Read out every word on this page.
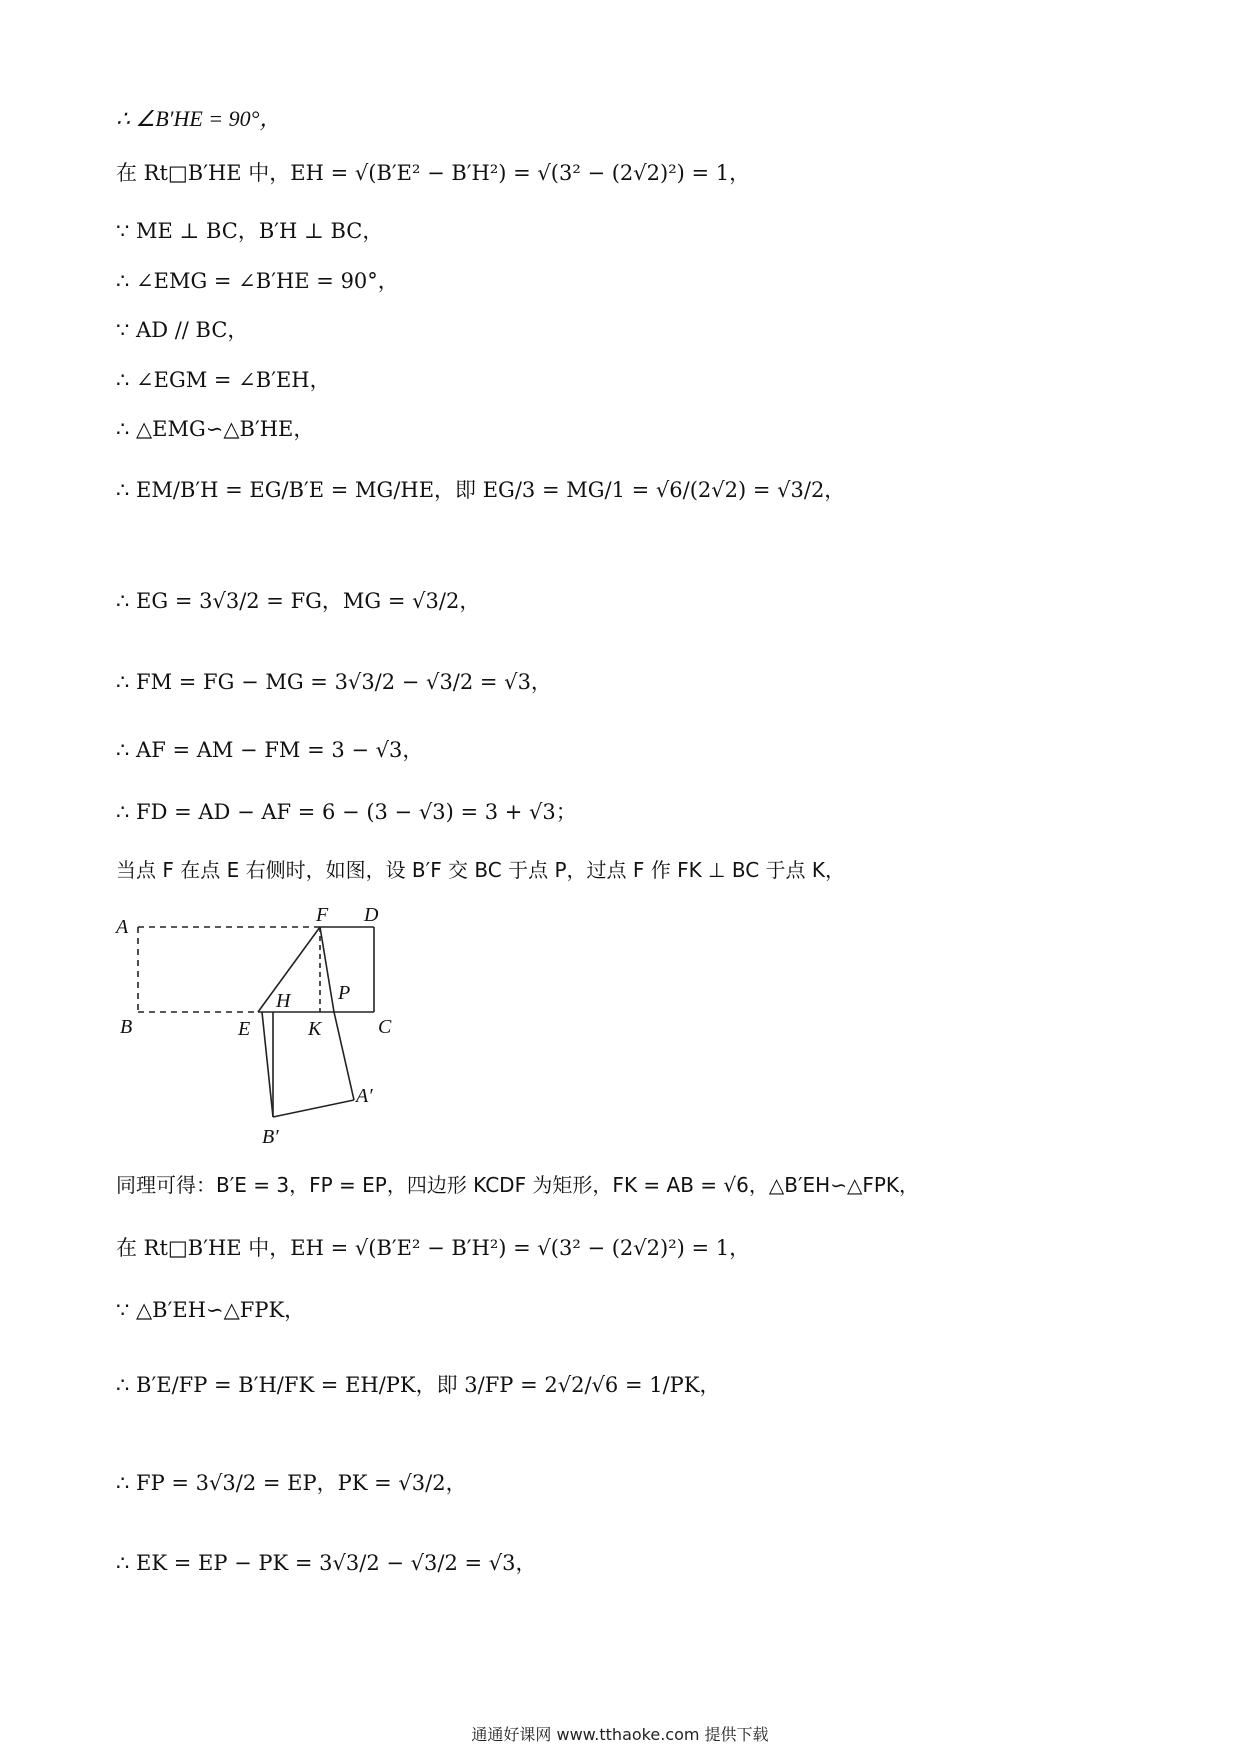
∴ ∠B′HE = 90°，
在 Rt□B′HE 中，EH = √(B′E² − B′H²) = √(3² − (2√2)²) = 1，
∵ ME ⊥ BC，B′H ⊥ BC，
∴ ∠EMG = ∠B′HE = 90°，
∵ AD // BC，
∴ ∠EGM = ∠B′EH，
∴ △EMG∽△B′HE，
∴ EM/B′H = EG/B′E = MG/HE，即 EG/3 = MG/1 = √6/(2√2) = √3/2，
∴ EG = 3√3/2 = FG，MG = √3/2，
∴ FM = FG − MG = 3√3/2 − √3/2 = √3，
∴ AF = AM − FM = 3 − √3，
∴ FD = AD − AF = 6 − (3 − √3) = 3 + √3；
当点 F 在点 E 右侧时，如图，设 B′F 交 BC 于点 P，过点 F 作 FK ⊥ BC 于点 K，
A
B	C
D
E
F
H
K
P
A′
B′
同理可得：B′E = 3，FP = EP，四边形 KCDF 为矩形，FK = AB = √6，△B′EH∽△FPK，
在 Rt□B′HE 中，EH = √(B′E² − B′H²) = √(3² − (2√2)²) = 1，
∵ △B′EH∽△FPK，
∴ B′E/FP = B′H/FK = EH/PK，即 3/FP = 2√2/√6 = 1/PK，
∴ FP = 3√3/2 = EP，PK = √3/2，
∴ EK = EP − PK = 3√3/2 − √3/2 = √3，
通通好课网 www.tthaoke.com 提供下载
